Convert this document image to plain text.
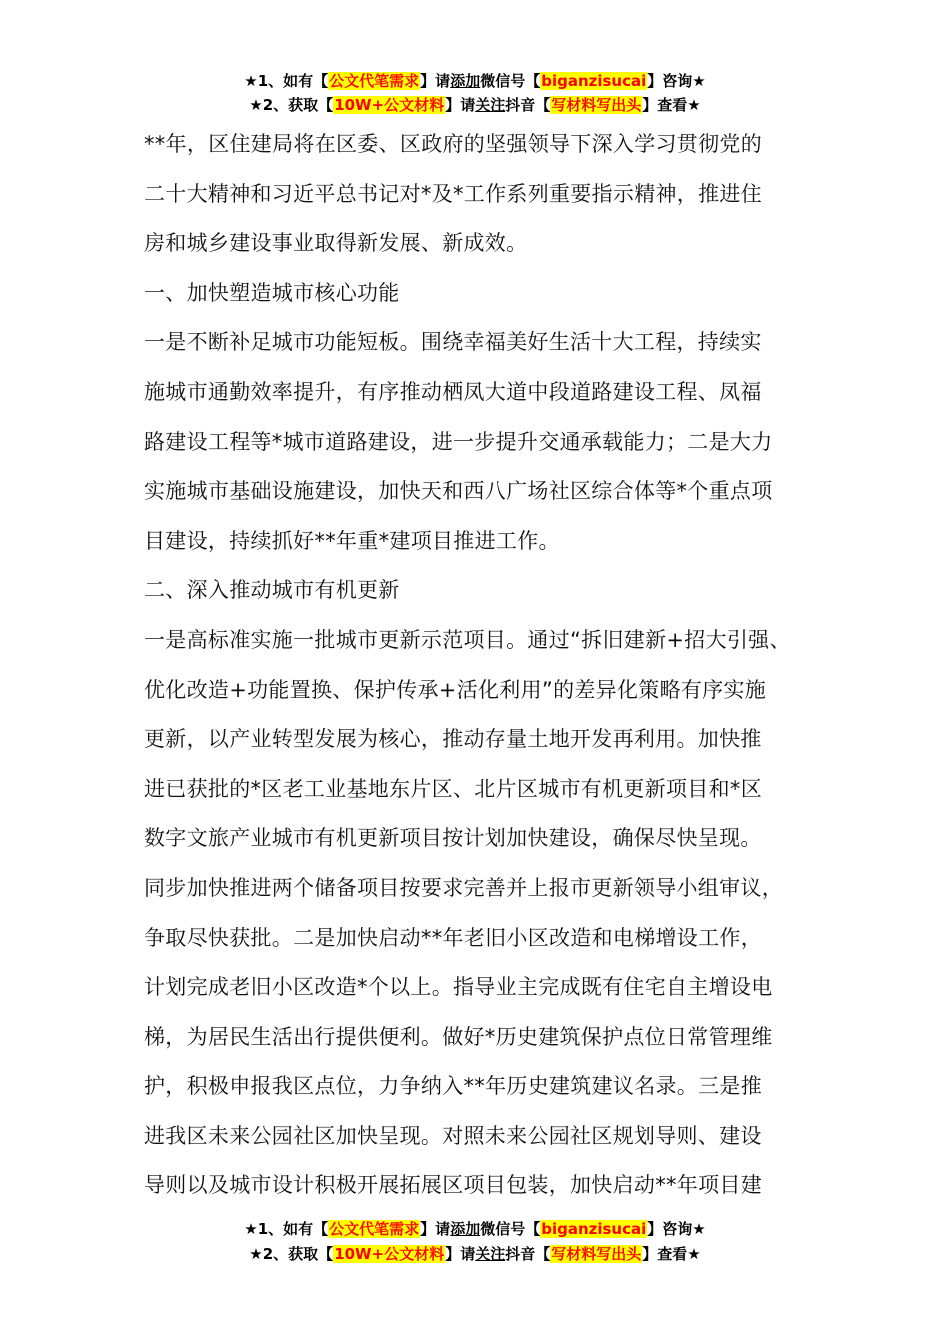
★1、如有【公文代笔需求】请添加微信号【biganzisucai】咨询★
★2、获取【10W+公文材料】请关注抖音【写材料写出头】查看★

**年，区住建局将在区委、区政府的坚强领导下深入学习贯彻党的

二十大精神和习近平总书记对*及*工作系列重要指示精神，推进住

房和城乡建设事业取得新发展、新成效。

一、加快塑造城市核心功能

一是不断补足城市功能短板。围绕幸福美好生活十大工程，持续实

施城市通勤效率提升，有序推动栖凤大道中段道路建设工程、凤福

路建设工程等*城市道路建设，进一步提升交通承载能力；二是大力

实施城市基础设施建设，加快天和西八广场社区综合体等*个重点项

目建设，持续抓好**年重*建项目推进工作。

二、深入推动城市有机更新

一是高标准实施一批城市更新示范项目。通过“拆旧建新+招大引强、

优化改造+功能置换、保护传承+活化利用”的差异化策略有序实施

更新，以产业转型发展为核心，推动存量土地开发再利用。加快推

进已获批的*区老工业基地东片区、北片区城市有机更新项目和*区

数字文旅产业城市有机更新项目按计划加快建设，确保尽快呈现。

同步加快推进两个储备项目按要求完善并上报市更新领导小组审议，

争取尽快获批。二是加快启动**年老旧小区改造和电梯增设工作，

计划完成老旧小区改造*个以上。指导业主完成既有住宅自主增设电

梯，为居民生活出行提供便利。做好*历史建筑保护点位日常管理维

护，积极申报我区点位，力争纳入**年历史建筑建议名录。三是推

进我区未来公园社区加快呈现。对照未来公园社区规划导则、建设

导则以及城市设计积极开展拓展区项目包装，加快启动**年项目建

★1、如有【公文代笔需求】请添加微信号【biganzisucai】咨询★
★2、获取【10W+公文材料】请关注抖音【写材料写出头】查看★
